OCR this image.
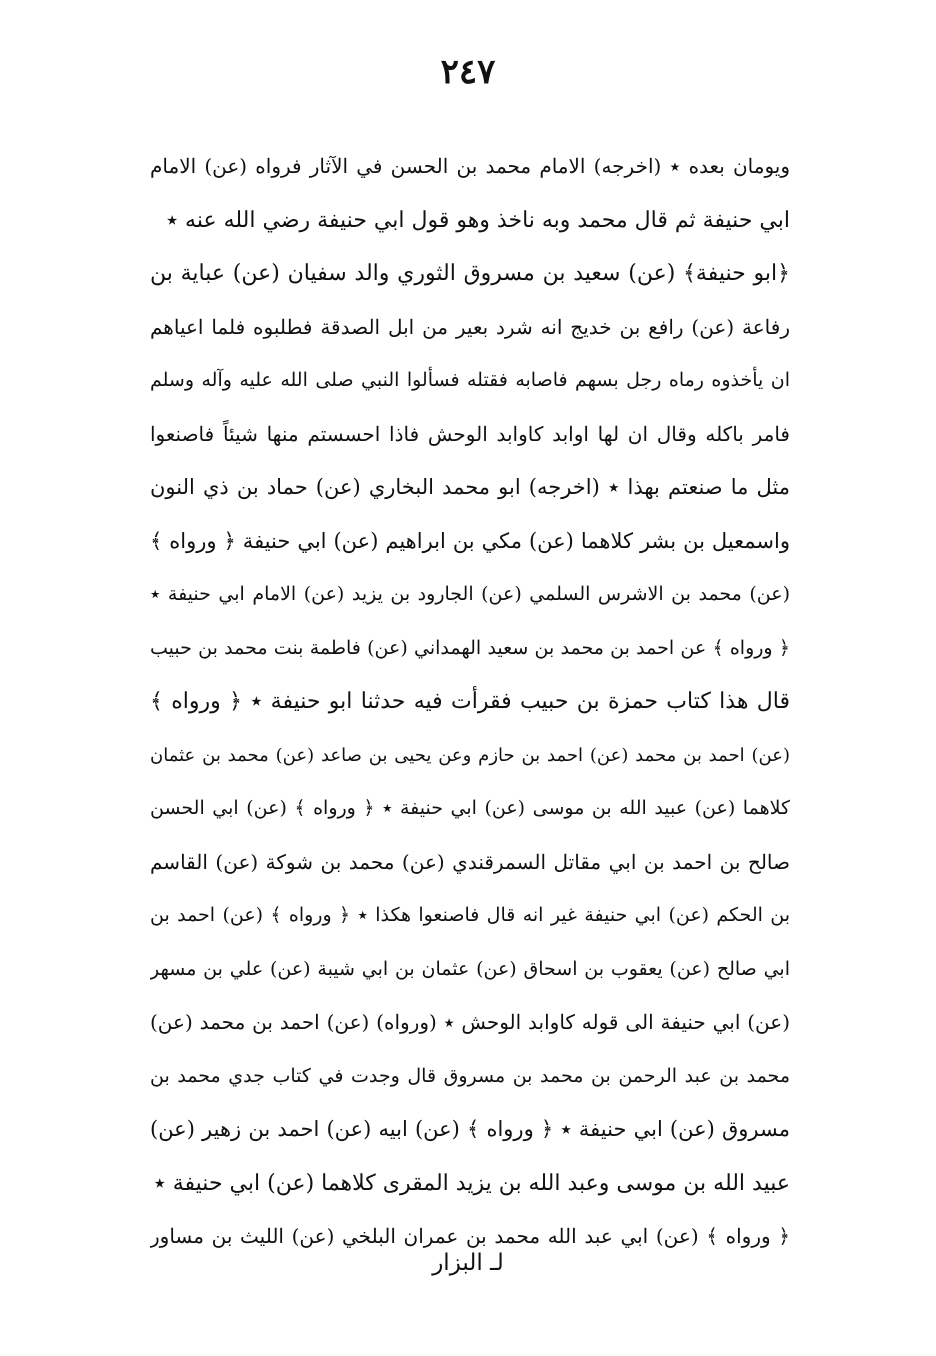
٢٤٧
ويومان بعده ٭ (اخرجه) الامام محمد بن الحسن في الآثار فرواه (عن) الامام
ابي حنيفة ثم قال محمد وبه ناخذ وهو قول ابي حنيفة رضي الله عنه ٭
﴿ابو حنيفة﴾ (عن) سعيد بن مسروق الثوري والد سفيان (عن) عباية بن
رفاعة (عن) رافع بن خديج انه شرد بعير من ابل الصدقة فطلبوه فلما اعياهم
ان يأخذوه رماه رجل بسهم فاصابه فقتله فسألوا النبي صلى الله عليه وآله وسلم
فامر باكله وقال ان لها اوابد كاوابد الوحش فاذا احسستم منها شيئاً فاصنعوا
مثل ما صنعتم بهذا ٭ (اخرجه) ابو محمد البخاري (عن) حماد بن ذي النون
واسمعيل بن بشر كلاهما (عن) مكي بن ابراهيم (عن) ابي حنيفة ﴿ ورواه ﴾
(عن) محمد بن الاشرس السلمي (عن) الجارود بن يزيد (عن) الامام ابي حنيفة ٭
﴿ ورواه ﴾ عن احمد بن محمد بن سعيد الهمداني (عن) فاطمة بنت محمد بن حبيب
قال هذا كتاب حمزة بن حبيب فقرأت فيه حدثنا ابو حنيفة ٭ ﴿ ورواه ﴾
(عن) احمد بن محمد (عن) احمد بن حازم وعن يحيى بن صاعد (عن) محمد بن عثمان
كلاهما (عن) عبيد الله بن موسى (عن) ابي حنيفة ٭ ﴿ ورواه ﴾ (عن) ابي الحسن
صالح بن احمد بن ابي مقاتل السمرقندي (عن) محمد بن شوكة (عن) القاسم
بن الحكم (عن) ابي حنيفة غير انه قال فاصنعوا هكذا ٭ ﴿ ورواه ﴾ (عن) احمد بن
ابي صالح (عن) يعقوب بن اسحاق (عن) عثمان بن ابي شيبة (عن) علي بن مسهر
(عن) ابي حنيفة الى قوله كاوابد الوحش ٭ (ورواه) (عن) احمد بن محمد (عن)
محمد بن عبد الرحمن بن محمد بن مسروق قال وجدت في كتاب جدي محمد بن
مسروق (عن) ابي حنيفة ٭ ﴿ ورواه ﴾ (عن) ابيه (عن) احمد بن زهير (عن)
عبيد الله بن موسى وعبد الله بن يزيد المقرى كلاهما (عن) ابي حنيفة ٭
﴿ ورواه ﴾ (عن) ابي عبد الله محمد بن عمران البلخي (عن) الليث بن مساور
لـ البزار
